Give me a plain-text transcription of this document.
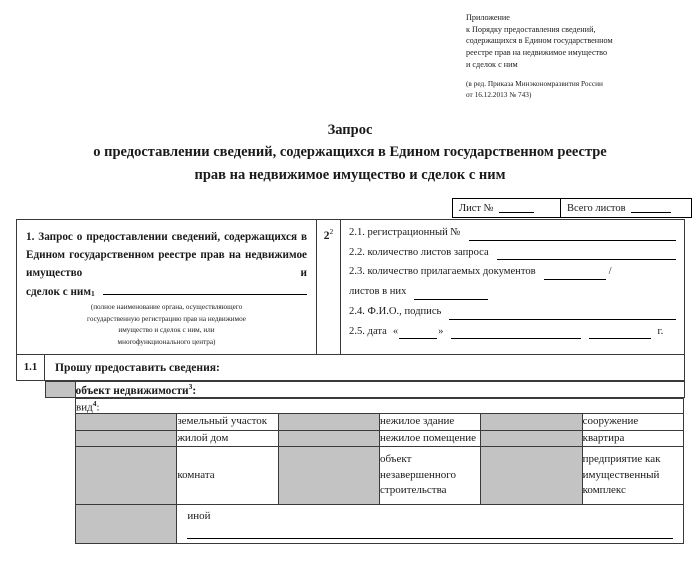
Приложение
к Порядку предоставления сведений,
содержащихся в Едином государственном
реестре прав на недвижимое имущество
и сделок с ним
(в ред. Приказа Минэкономразвития России
от 16.12.2013 № 743)
Запрос
о предоставлении сведений, содержащихся в Едином государственном реестре
прав на недвижимое имущество и сделок с ним
Лист №	Всего листов
1. Запрос о предоставлении сведений, содержащихся в Едином государственном реестре прав на недвижимое имущество и
сделок с ним 1
(полное наименование органа, осуществляющего
государственную регистрацию прав на недвижимое
имущество и сделок с ним, или
многофункционального центра)
	$2^2$	2.1. регистрационный №
2.2. количество листов запроса
2.3. количество прилагаемых документов	/
листов в них
2.4. Ф.И.О., подпись
2.5. дата «	»	г.

1.1	Прошу предоставить сведения:

	объект недвижимости$^3$:

вид$^4$:
	земельный участок		нежилое здание		сооружение
	жилой дом		нежилое помещение		квартира
	комната		объект незавершенного строительства		предприятие как имущественный комплекс

иной
